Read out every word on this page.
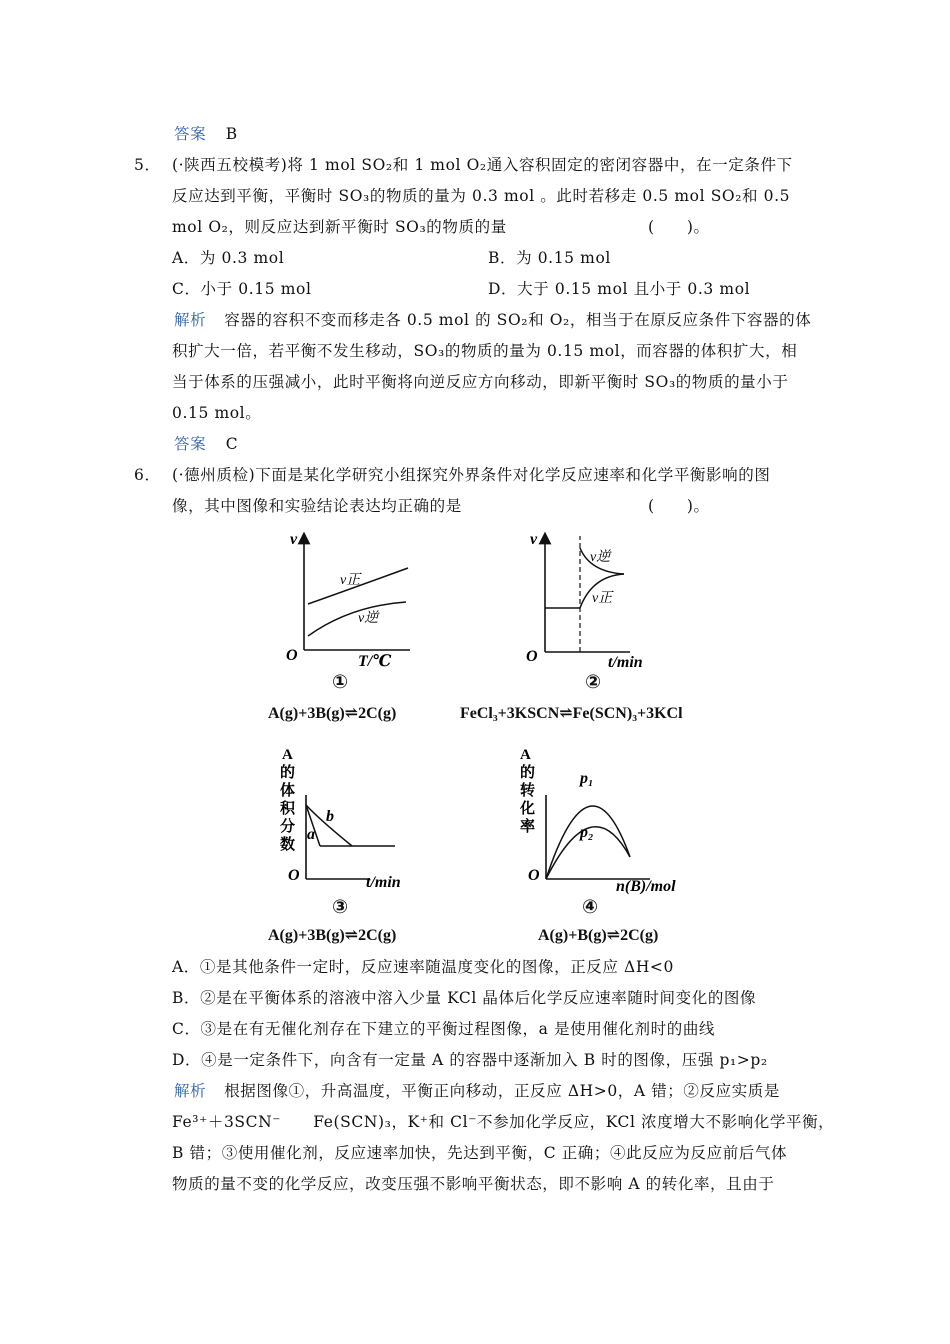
答案 B
5． (·陕西五校模考)将 1 mol SO₂和 1 mol O₂通入容积固定的密闭容器中，在一定条件下
反应达到平衡，平衡时 SO₃的物质的量为 0.3 mol 。此时若移走 0.5 mol SO₂和 0.5
mol O₂，则反应达到新平衡时 SO₃的物质的量	(　　)。
A．为 0.3 mol	B．为 0.15 mol
C．小于 0.15 mol	D．大于 0.15 mol 且小于 0.3 mol
解析 容器的容积不变而移走各 0.5 mol 的 SO₂和 O₂，相当于在原反应条件下容器的体
积扩大一倍，若平衡不发生移动，SO₃的物质的量为 0.15 mol，而容器的体积扩大，相
当于体系的压强减小，此时平衡将向逆反应方向移动，即新平衡时 SO₃的物质的量小于
0.15 mol。
答案 C
6． (·德州质检)下面是某化学研究小组探究外界条件对化学反应速率和化学平衡影响的图
像，其中图像和实验结论表达均正确的是	(　　)。
v
O	T/℃
v正
v逆
①
A(g)+3B(g)⇌2C(g)
v
O	t/min
v逆
v正
②
FeCl₃+3KSCN⇌Fe(SCN)₃+3KCl
A
的
体
积
分
数
O	t/min
a
b
③
A(g)+3B(g)⇌2C(g)
A
的
转
化
率
O
n(B)/mol
p₁
p₂
④
A(g)+B(g)⇌2C(g)
A．①是其他条件一定时，反应速率随温度变化的图像，正反应 ΔH<0
B．②是在平衡体系的溶液中溶入少量 KCl 晶体后化学反应速率随时间变化的图像
C．③是在有无催化剂存在下建立的平衡过程图像，a 是使用催化剂时的曲线
D．④是一定条件下，向含有一定量 A 的容器中逐渐加入 B 时的图像，压强 p₁>p₂
解析 根据图像①，升高温度，平衡正向移动，正反应 ΔH>0，A 错；②反应实质是
Fe³⁺＋3SCN⁻　　Fe(SCN)₃，K⁺和 Cl⁻不参加化学反应，KCl 浓度增大不影响化学平衡，
B 错；③使用催化剂，反应速率加快，先达到平衡，C 正确；④此反应为反应前后气体
物质的量不变的化学反应，改变压强不影响平衡状态，即不影响 A 的转化率，且由于
